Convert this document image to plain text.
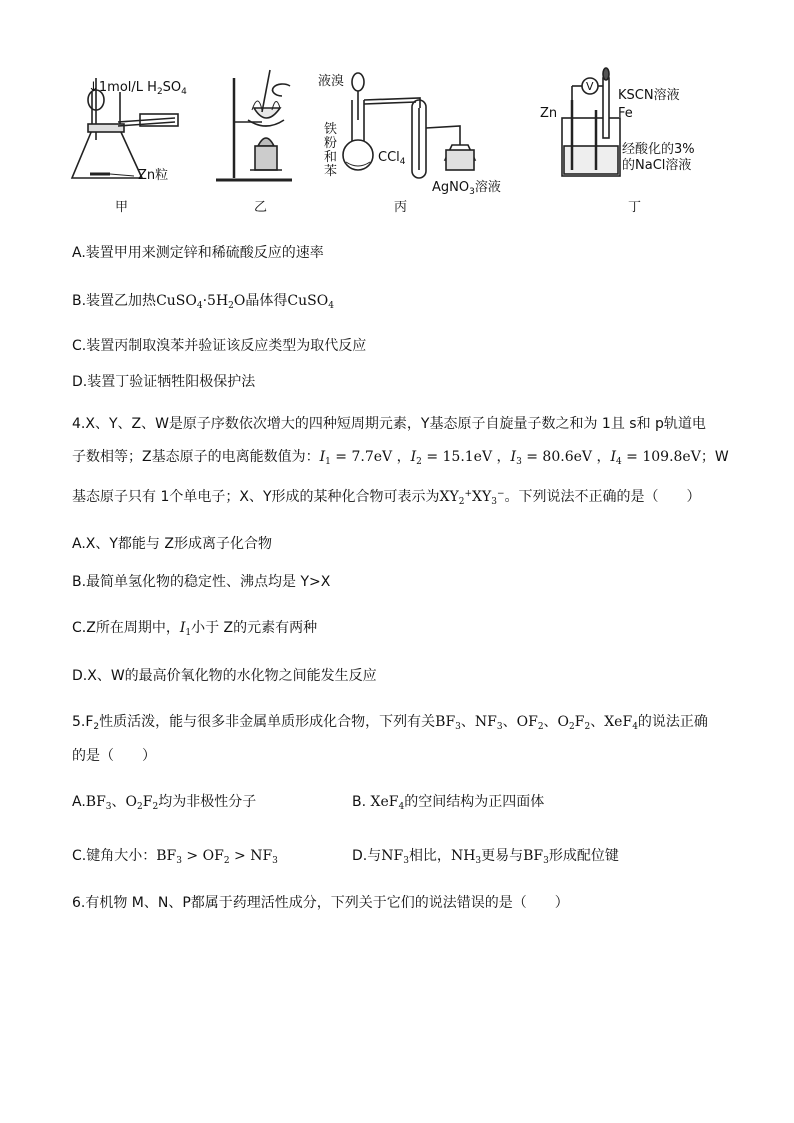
↓1mol/L $H_2SO_4$
Zn粒
甲	乙
液溴
铁
粉
和
苯
CCl$_4$
AgNO$_3$溶液
丙
V
KSCN溶液
Zn	Fe
经酸化的3%
的NaCl溶液
丁
A.装置甲用来测定锌和稀硫酸反应的速率
B.装置乙加热$CuSO_4\cdot 5H_2O$晶体得CuSO$_4$
C.装置丙制取溴苯并验证该反应类型为取代反应
D.装置丁验证牺牲阳极保护法
4.X、Y、Z、W是原子序数依次增大的四种短周期元素，Y基态原子自旋量子数之和为 1且 s和 p轨道电
子数相等；Z基态原子的电离能数值为：$I_1 = 7.7eV$ ，$I_2 = 15.1eV$ ，$I_3 = 80.6eV$ ，$I_4 = 109.8eV$；W
基态原子只有 1个单电子；X、Y形成的某种化合物可表示为$XY_2^+XY_3^-$。下列说法不正确的是（　　）
A.X、Y都能与 Z形成离子化合物
B.最简单氢化物的稳定性、沸点均是 Y>X
C.Z所在周期中，$I_1$小于 Z的元素有两种
D.X、W的最高价氧化物的水化物之间能发生反应
$5.F_2$性质活泼，能与很多非金属单质形成化合物，下列有关$BF_3$、$NF_3$、$OF_2$、$O_2F_2$、XeF$_4$的说法正确
的是（　　）
$A.BF_3$、$O_2F_2$均为非极性分子	B. XeF$_4$的空间结构为正四面体
C.键角大小：$BF_3 > OF_2 > NF_3$	D.与$NF_3$相比，$NH_3$更易与$BF_3$形成配位键
6.有机物 M、N、P都属于药理活性成分，下列关于它们的说法错误的是（　　）
